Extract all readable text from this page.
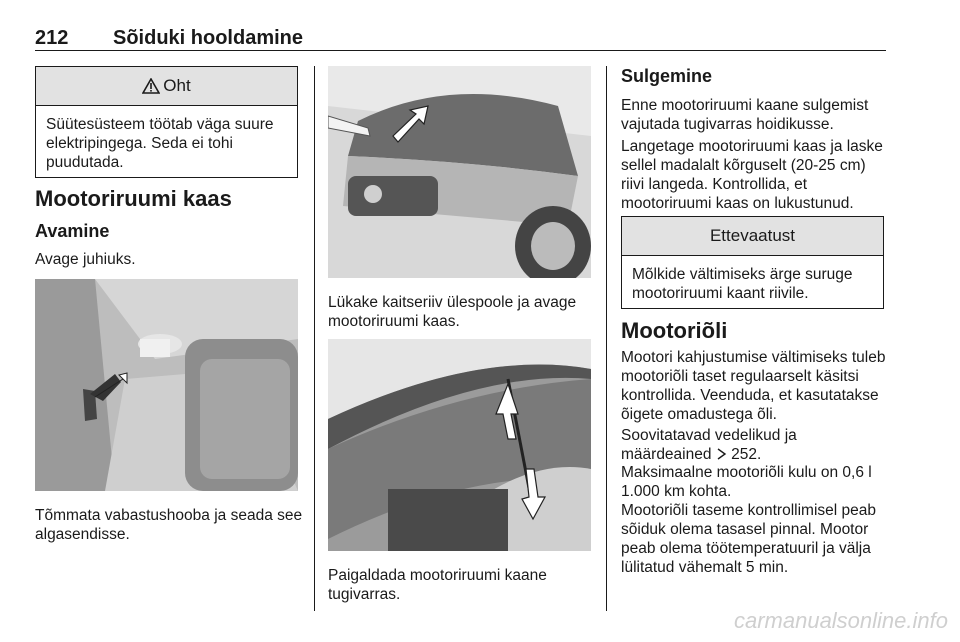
212 Sõiduki hooldamine
Oht
Süütesüsteem töötab väga suure elektripingega. Seda ei tohi puudutada.
Mootoriruumi kaas
Avamine
Avage juhiuks.
Tõmmata vabastushooba ja seada see algasendisse.
Lükake kaitseriiv ülespoole ja avage mootoriruumi kaas.
Paigaldada mootoriruumi kaane tugivarras.
Sulgemine
Enne mootoriruumi kaane sulgemist vajutada tugivarras hoidikusse.
Langetage mootoriruumi kaas ja laske sellel madalalt kõrguselt (20-25 cm) riivi langeda. Kontrollida, et mootoriruumi kaas on lukustunud.
Ettevaatust
Mõlkide vältimiseks ärge suruge mootoriruumi kaant riivile.
Mootoriõli
Mootori kahjustumise vältimiseks tuleb mootoriõli taset regulaarselt käsitsi kontrollida. Veenduda, et kasutatakse õigete omadustega õli.
Soovitatavad vedelikud ja määrdeained 252.
Maksimaalne mootoriõli kulu on 0,6 l 1.000 km kohta.
Mootoriõli taseme kontrollimisel peab sõiduk olema tasasel pinnal. Mootor peab olema töötemperatuuril ja välja lülitatud vähemalt 5 min.
carmanualsonline.info
